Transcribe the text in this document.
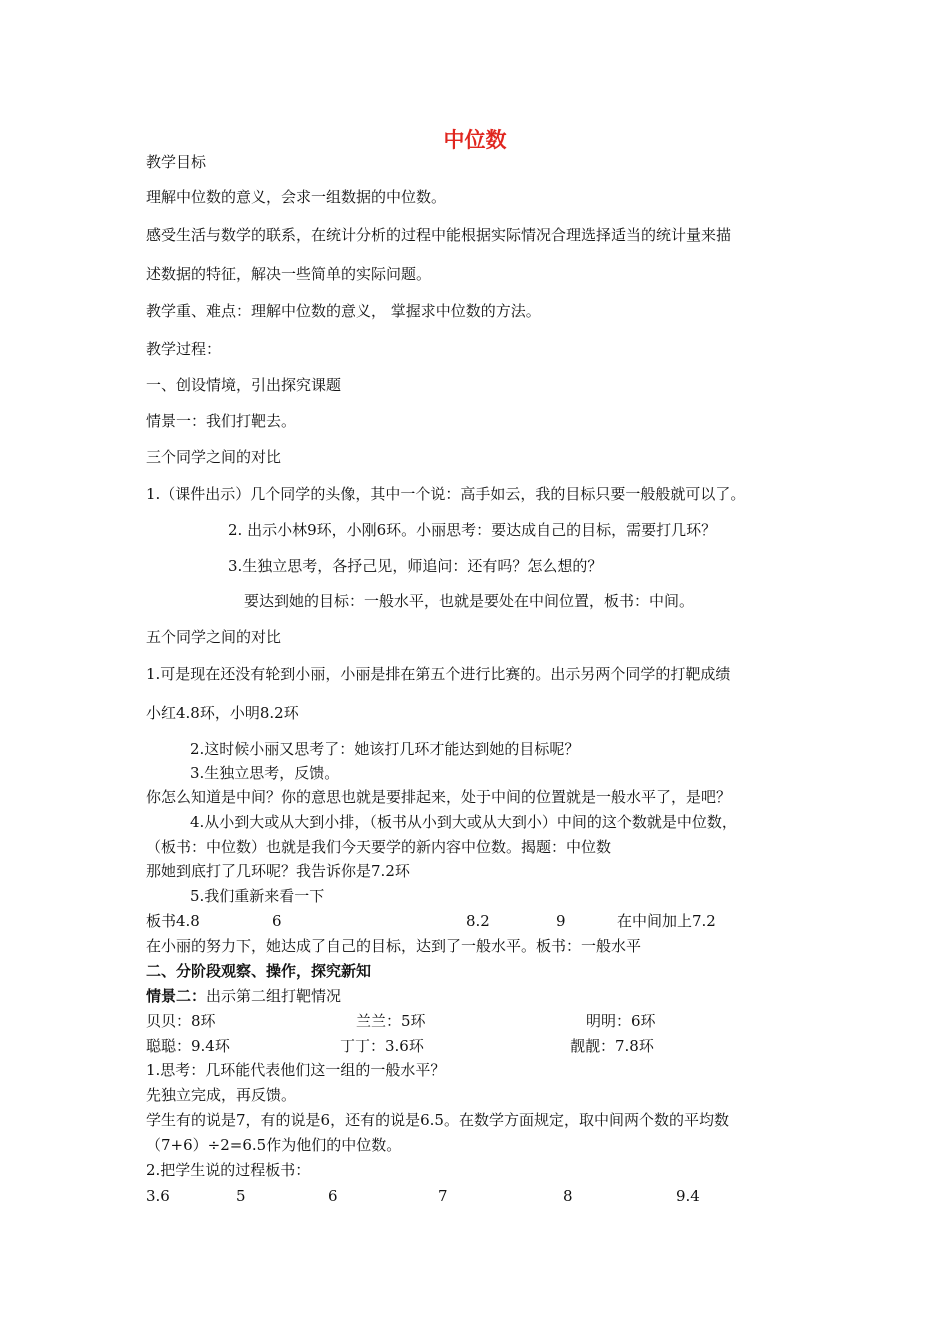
中位数
教学目标
理解中位数的意义，会求一组数据的中位数。
感受生活与数学的联系，在统计分析的过程中能根据实际情况合理选择适当的统计量来描
述数据的特征，解决一些简单的实际问题。
教学重、难点：理解中位数的意义， 掌握求中位数的方法。
教学过程：
一、创设情境，引出探究课题
情景一：我们打靶去。
三个同学之间的对比
1.（课件出示）几个同学的头像，其中一个说：高手如云，我的目标只要一般般就可以了。
2. 出示小林9环，小刚6环。小丽思考：要达成自己的目标，需要打几环？
3.生独立思考，各抒己见，师追问：还有吗？怎么想的？
要达到她的目标：一般水平，也就是要处在中间位置，板书：中间。
五个同学之间的对比
1.可是现在还没有轮到小丽，小丽是排在第五个进行比赛的。出示另两个同学的打靶成绩
小红4.8环，小明8.2环
2.这时候小丽又思考了：她该打几环才能达到她的目标呢？
3.生独立思考，反馈。
你怎么知道是中间？你的意思也就是要排起来，处于中间的位置就是一般水平了，是吧？
4.从小到大或从大到小排，（板书从小到大或从大到小）中间的这个数就是中位数，
（板书：中位数）也就是我们今天要学的新内容中位数。揭题：中位数
那她到底打了几环呢？我告诉你是7.2环
5.我们重新来看一下
板书4.8	6	8.2	9	在中间加上7.2
在小丽的努力下，她达成了自己的目标，达到了一般水平。板书：一般水平
二、分阶段观察、操作，探究新知
情景二：出示第二组打靶情况
贝贝：8环	兰兰：5环	明明：6环
聪聪：9.4环	丁丁：3.6环	靓靓：7.8环
1.思考：几环能代表他们这一组的一般水平？
先独立完成，再反馈。
学生有的说是7，有的说是6，还有的说是6.5。在数学方面规定，取中间两个数的平均数
（7+6）÷2=6.5作为他们的中位数。
2.把学生说的过程板书：
3.6	5	6	7	8	9.4
